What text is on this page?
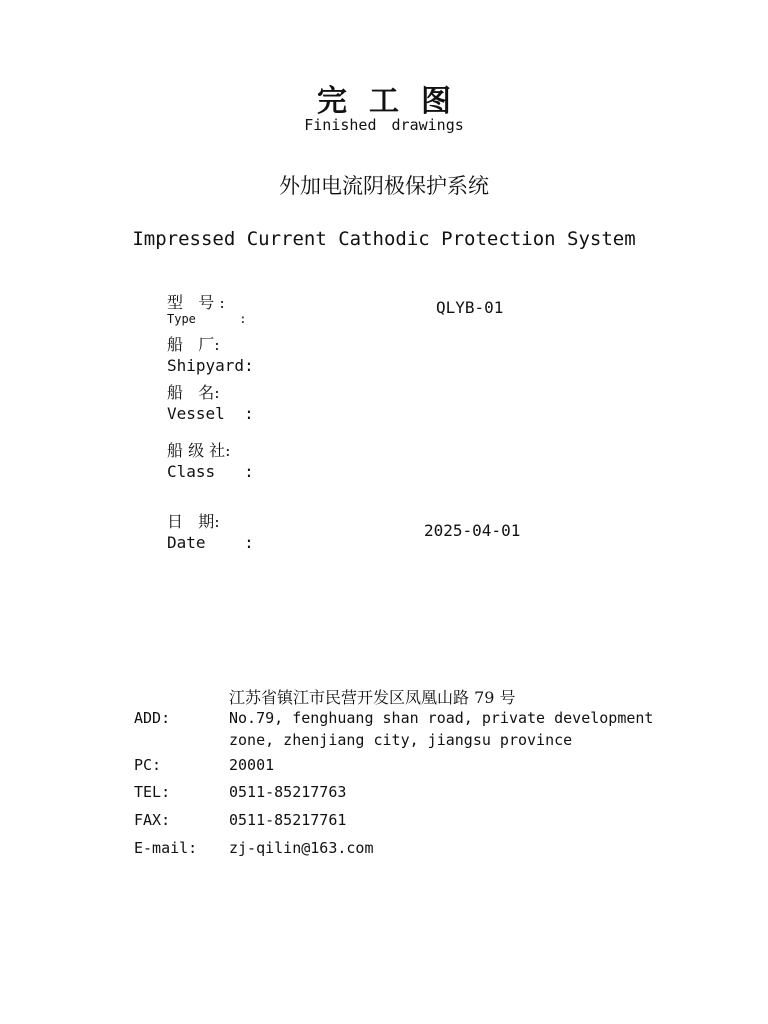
完工图
Finished drawings
外加电流阴极保护系统
Impressed Current Cathodic Protection System
型   号 :
Type      :
QLYB-01
船   厂:
Shipyard:
船   名:
Vessel  :
船 级 社:
Class   :
日   期:
Date    :
2025-04-01
江苏省镇江市民营开发区凤凰山路 79 号
ADD:	No.79, fenghuang shan road, private development
zone, zhenjiang city, jiangsu province
PC:	20001
TEL:	0511-85217763
FAX:	0511-85217761
E-mail: zj-qilin@163.com
